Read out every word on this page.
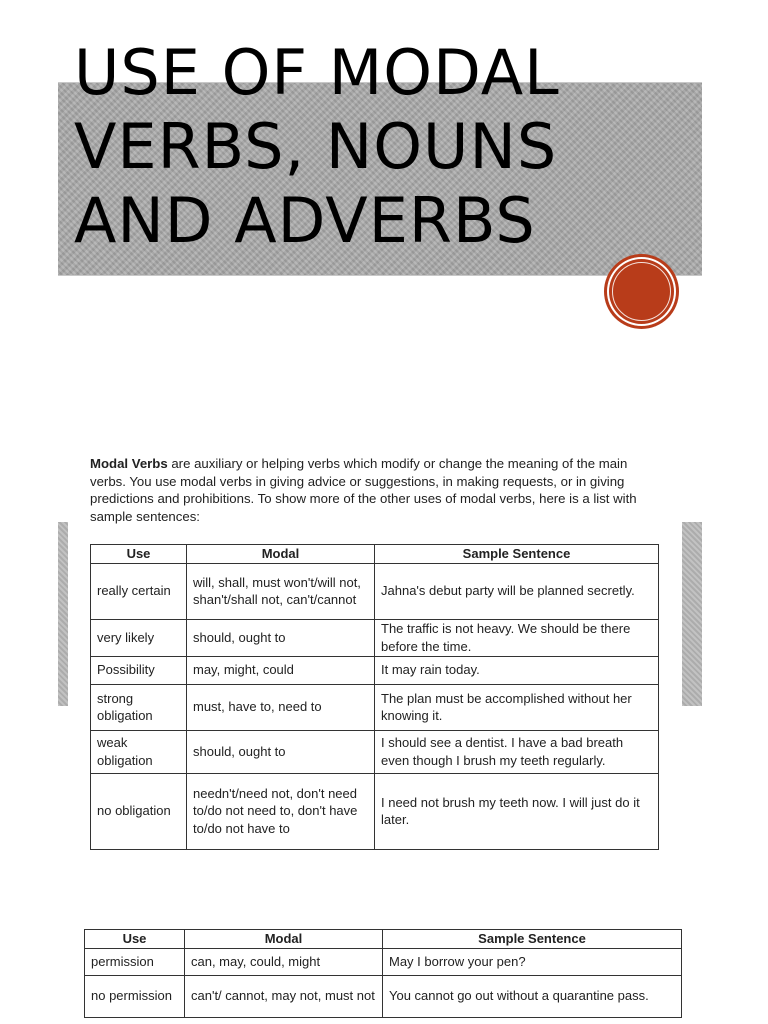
USE OF MODAL
VERBS, NOUNS
AND ADVERBS

Modal Verbs are auxiliary or helping verbs which modify or change the meaning of the main verbs. You use modal verbs in giving advice or suggestions, in making requests, or in giving predictions and prohibitions. To show more of the other uses of modal verbs, here is a list with sample sentences:

Use	Modal	Sample Sentence
really certain	will, shall, must won't/will not, shan't/shall not, can't/cannot	Jahna's debut party will be planned secretly.
very likely	should, ought to	The traffic is not heavy. We should be there before the time.
Possibility	may, might, could	It may rain today.
strong obligation	must, have to, need to	The plan must be accomplished without her knowing it.
weak obligation	should, ought to	I should see a dentist. I have a bad breath even though I brush my teeth regularly.
no obligation	needn't/need not, don't need to/do not need to, don't have to/do not have to	I need not brush my teeth now. I will just do it later.
Use	Modal	Sample Sentence
permission	can, may, could, might	May I borrow your pen?
no permission	can't/ cannot, may not, must not	You cannot go out without a quarantine pass.
